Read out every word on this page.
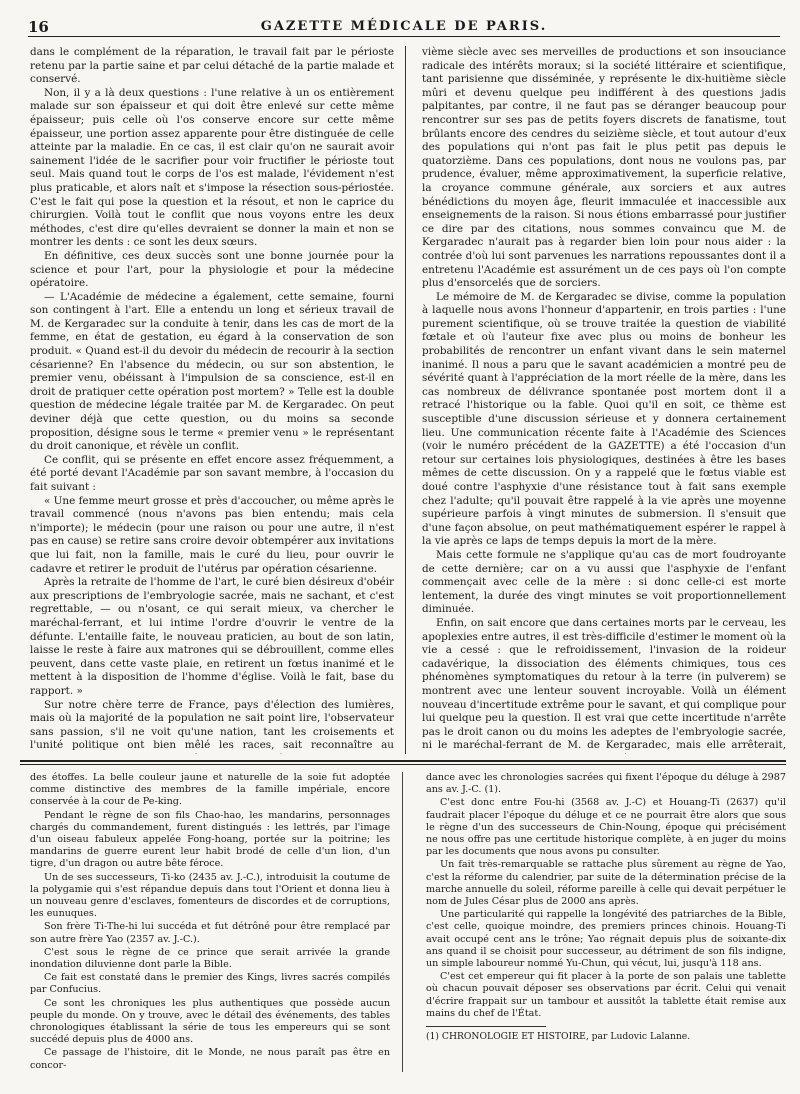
16	GAZETTE MÉDICALE DE PARIS.

dans le complément de la réparation, le travail fait par le périoste retenu par la partie saine et par celui détaché de la partie malade et conservé.

Non, il y a là deux questions : l'une relative à un os entièrement malade sur son épaisseur et qui doit être enlevé sur cette même épaisseur; puis celle où l'os conserve encore sur cette même épaisseur, une portion assez apparente pour être distinguée de celle atteinte par la maladie. En ce cas, il est clair qu'on ne saurait avoir sainement l'idée de le sacrifier pour voir fructifier le périoste tout seul. Mais quand tout le corps de l'os est malade, l'évidement n'est plus praticable, et alors naît et s'impose la résection sous-périostée. C'est le fait qui pose la question et la résout, et non le caprice du chirurgien. Voilà tout le conflit que nous voyons entre les deux méthodes, c'est dire qu'elles devraient se donner la main et non se montrer les dents : ce sont les deux sœurs.

En définitive, ces deux succès sont une bonne journée pour la science et pour l'art, pour la physiologie et pour la médecine opératoire.

— L'Académie de médecine a également, cette semaine, fourni son contingent à l'art. Elle a entendu un long et sérieux travail de M. de Kergaradec sur la conduite à tenir, dans les cas de mort de la femme, en état de gestation, eu égard à la conservation de son produit. « Quand est-il du devoir du médecin de recourir à la section césarienne? En l'absence du médecin, ou sur son abstention, le premier venu, obéissant à l'impulsion de sa conscience, est-il en droit de pratiquer cette opération post mortem? » Telle est la double question de médecine légale traitée par M. de Kergaradec. On peut deviner déjà que cette question, ou du moins sa seconde proposition, désigne sous le terme « premier venu » le représentant du droit canonique, et révèle un conflit.

Ce conflit, qui se présente en effet encore assez fréquemment, a été porté devant l'Académie par son savant membre, à l'occasion du fait suivant :

« Une femme meurt grosse et près d'accoucher, ou même après le travail commencé (nous n'avons pas bien entendu; mais cela n'importe); le médecin (pour une raison ou pour une autre, il n'est pas en cause) se retire sans croire devoir obtempérer aux invitations que lui fait, non la famille, mais le curé du lieu, pour ouvrir le cadavre et retirer le produit de l'utérus par opération césarienne.

Après la retraite de l'homme de l'art, le curé bien désireux d'obéir aux prescriptions de l'embryologie sacrée, mais ne sachant, et c'est regrettable, — ou n'osant, ce qui serait mieux, va chercher le maréchal-ferrant, et lui intime l'ordre d'ouvrir le ventre de la défunte. L'entaille faite, le nouveau praticien, au bout de son latin, laisse le reste à faire aux matrones qui se débrouillent, comme elles peuvent, dans cette vaste plaie, en retirent un fœtus inanimé et le mettent à la disposition de l'homme d'église. Voilà le fait, base du rapport. »

Sur notre chère terre de France, pays d'élection des lumières, mais où la majorité de la population ne sait point lire, l'observateur sans passion, s'il ne voit qu'une nation, tant les croisements et l'unité politique ont bien mêlé les races, sait reconnaître au

vième siècle avec ses merveilles de productions et son insouciance radicale des intérêts moraux; si la société littéraire et scientifique, tant parisienne que disséminée, y représente le dix-huitième siècle mûri et devenu quelque peu indifférent à des questions jadis palpitantes, par contre, il ne faut pas se déranger beaucoup pour rencontrer sur ses pas de petits foyers discrets de fanatisme, tout brûlants encore des cendres du seizième siècle, et tout autour d'eux des populations qui n'ont pas fait le plus petit pas depuis le quatorzième. Dans ces populations, dont nous ne voulons pas, par prudence, évaluer, même approximativement, la superficie relative, la croyance commune générale, aux sorciers et aux autres bénédictions du moyen âge, fleurit immaculée et inaccessible aux enseignements de la raison. Si nous étions embarrassé pour justifier ce dire par des citations, nous sommes convaincu que M. de Kergaradec n'aurait pas à regarder bien loin pour nous aider : la contrée d'où lui sont parvenues les narrations repoussantes dont il a entretenu l'Académie est assurément un de ces pays où l'on compte plus d'ensorcelés que de sorciers.

Le mémoire de M. de Kergaradec se divise, comme la population à laquelle nous avons l'honneur d'appartenir, en trois parties : l'une purement scientifique, où se trouve traitée la question de viabilité fœtale et où l'auteur fixe avec plus ou moins de bonheur les probabilités de rencontrer un enfant vivant dans le sein maternel inanimé. Il nous a paru que le savant académicien a montré peu de sévérité quant à l'appréciation de la mort réelle de la mère, dans les cas nombreux de délivrance spontanée post mortem dont il a retracé l'historique ou la fable. Quoi qu'il en soit, ce thème est susceptible d'une discussion sérieuse et y donnera certainement lieu. Une communication récente faite à l'Académie des Sciences (voir le numéro précédent de la GAZETTE) a été l'occasion d'un retour sur certaines lois physiologiques, destinées à être les bases mêmes de cette discussion. On y a rappelé que le fœtus viable est doué contre l'asphyxie d'une résistance tout à fait sans exemple chez l'adulte; qu'il pouvait être rappelé à la vie après une moyenne supérieure parfois à vingt minutes de submersion. Il s'ensuit que d'une façon absolue, on peut mathématiquement espérer le rappel à la vie après ce laps de temps depuis la mort de la mère.

Mais cette formule ne s'applique qu'au cas de mort foudroyante de cette dernière; car on a vu aussi que l'asphyxie de l'enfant commençait avec celle de la mère : si donc celle-ci est morte lentement, la durée des vingt minutes se voit proportionnellement diminuée.

Enfin, on sait encore que dans certaines morts par le cerveau, les apoplexies entre autres, il est très-difficile d'estimer le moment où la vie a cessé : que le refroidissement, l'invasion de la roideur cadavérique, la dissociation des éléments chimiques, tous ces phénomènes symptomatiques du retour à la terre (in pulverem) se montrent avec une lenteur souvent incroyable. Voilà un élément nouveau d'incertitude extrême pour le savant, et qui complique pour lui quelque peu la question. Il est vrai que cette incertitude n'arrête pas le droit canon ou du moins les adeptes de l'embryologie sacrée, ni le maréchal-ferrant de M. de Kergaradec, mais elle arrêterait,

des étoffes. La belle couleur jaune et naturelle de la soie fut adoptée comme distinctive des membres de la famille impériale, encore conservée à la cour de Pe-king.

Pendant le règne de son fils Chao-hao, les mandarins, personnages chargés du commandement, furent distingués : les lettrés, par l'image d'un oiseau fabuleux appelée Fong-hoang, portée sur la poitrine; les mandarins de guerre eurent leur habit brodé de celle d'un lion, d'un tigre, d'un dragon ou autre bête féroce.

Un de ses successeurs, Ti-ko (2435 av. J.-C.), introduisit la coutume de la polygamie qui s'est répandue depuis dans tout l'Orient et donna lieu à un nouveau genre d'esclaves, fomenteurs de discordes et de corruptions, les eunuques.

Son frère Ti-The-hi lui succéda et fut détrôné pour être remplacé par son autre frère Yao (2357 av. J.-C.).

C'est sous le règne de ce prince que serait arrivée la grande inondation diluvienne dont parle la Bible.

Ce fait est constaté dans le premier des Kings, livres sacrés compilés par Confucius.

Ce sont les chroniques les plus authentiques que possède aucun peuple du monde. On y trouve, avec le détail des événements, des tables chronologiques établissant la série de tous les empereurs qui se sont succédé depuis plus de 4000 ans.

Ce passage de l'histoire, dit le Monde, ne nous paraît pas être en concor-

dance avec les chronologies sacrées qui fixent l'époque du déluge à 2987 ans av. J.-C. (1).

C'est donc entre Fou-hi (3568 av. J.-C) et Houang-Ti (2637) qu'il faudrait placer l'époque du déluge et ce ne pourrait être alors que sous le règne d'un des successeurs de Chin-Noung, époque qui précisément ne nous offre pas une certitude historique complète, à en juger du moins par les documents que nous avons pu consulter.

Un fait très-remarquable se rattache plus sûrement au règne de Yao, c'est la réforme du calendrier, par suite de la détermination précise de la marche annuelle du soleil, réforme pareille à celle qui devait perpétuer le nom de Jules César plus de 2000 ans après.

Une particularité qui rappelle la longévité des patriarches de la Bible, c'est celle, quoique moindre, des premiers princes chinois. Houang-Ti avait occupé cent ans le trône; Yao régnait depuis plus de soixante-dix ans quand il se choisit pour successeur, au détriment de son fils indigne, un simple laboureur nommé Yu-Chun, qui vécut, lui, jusqu'à 118 ans.

C'est cet empereur qui fit placer à la porte de son palais une tablette où chacun pouvait déposer ses observations par écrit. Celui qui venait d'écrire frappait sur un tambour et aussitôt la tablette était remise aux mains du chef de l'État.

(1) CHRONOLOGIE ET HISTOIRE, par Ludovic Lalanne.
